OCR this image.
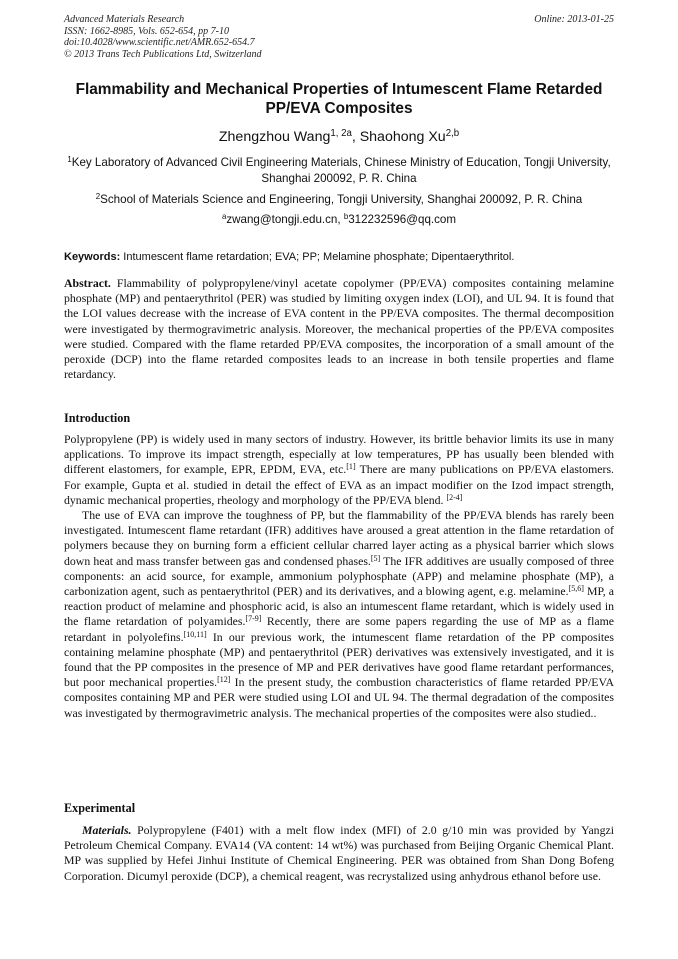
Advanced Materials Research
ISSN: 1662-8985, Vols. 652-654, pp 7-10
doi:10.4028/www.scientific.net/AMR.652-654.7
© 2013 Trans Tech Publications Ltd, Switzerland
Online: 2013-01-25
Flammability and Mechanical Properties of Intumescent Flame Retarded PP/EVA Composites
Zhengzhou Wang$^{1, 2a}$, Shaohong Xu$^{2,b}$
$^1$Key Laboratory of Advanced Civil Engineering Materials, Chinese Ministry of Education, Tongji University, Shanghai 200092, P. R. China
$^2$School of Materials Science and Engineering, Tongji University, Shanghai 200092, P. R. China
$^a$zwang@tongji.edu.cn, $^b$312232596@qq.com
Keywords: Intumescent flame retardation; EVA; PP; Melamine phosphate; Dipentaerythritol.

Abstract. Flammability of polypropylene/vinyl acetate copolymer (PP/EVA) composites containing melamine phosphate (MP) and pentaerythritol (PER) was studied by limiting oxygen index (LOI), and UL 94. It is found that the LOI values decrease with the increase of EVA content in the PP/EVA composites. The thermal decomposition were investigated by thermogravimetric analysis. Moreover, the mechanical properties of the PP/EVA composites were studied. Compared with the flame retarded PP/EVA composites, the incorporation of a small amount of the peroxide (DCP) into the flame retarded composites leads to an increase in both tensile properties and flame retardancy.

Introduction

Polypropylene (PP) is widely used in many sectors of industry. However, its brittle behavior limits its use in many applications. To improve its impact strength, especially at low temperatures, PP has usually been blended with different elastomers, for example, EPR, EPDM, EVA, etc.[1] There are many publications on PP/EVA elastomers. For example, Gupta et al. studied in detail the effect of EVA as an impact modifier on the Izod impact strength, dynamic mechanical properties, rheology and morphology of the PP/EVA blend. [2-4]

The use of EVA can improve the toughness of PP, but the flammability of the PP/EVA blends has rarely been investigated. Intumescent flame retardant (IFR) additives have aroused a great attention in the flame retardation of polymers because they on burning form a efficient cellular charred layer acting as a physical barrier which slows down heat and mass transfer between gas and condensed phases.[5] The IFR additives are usually composed of three components: an acid source, for example, ammonium polyphosphate (APP) and melamine phosphate (MP), a carbonization agent, such as pentaerythritol (PER) and its derivatives, and a blowing agent, e.g. melamine.[5,6] MP, a reaction product of melamine and phosphoric acid, is also an intumescent flame retardant, which is widely used in the flame retardation of polyamides.[7-9] Recently, there are some papers regarding the use of MP as a flame retardant in polyolefins.[10,11] In our previous work, the intumescent flame retardation of the PP composites containing melamine phosphate (MP) and pentaerythritol (PER) derivatives was extensively investigated, and it is found that the PP composites in the presence of MP and PER derivatives have good flame retardant performances, but poor mechanical properties.[12] In the present study, the combustion characteristics of flame retarded PP/EVA composites containing MP and PER were studied using LOI and UL 94. The thermal degradation of the composites was investigated by thermogravimetric analysis. The mechanical properties of the composites were also studied..

Experimental

Materials. Polypropylene (F401) with a melt flow index (MFI) of 2.0 g/10 min was provided by Yangzi Petroleum Chemical Company. EVA14 (VA content: 14 wt%) was purchased from Beijing Organic Chemical Plant. MP was supplied by Hefei Jinhui Institute of Chemical Engineering. PER was obtained from Shan Dong Bofeng Corporation. Dicumyl peroxide (DCP), a chemical reagent, was recrystalized using anhydrous ethanol before use.
